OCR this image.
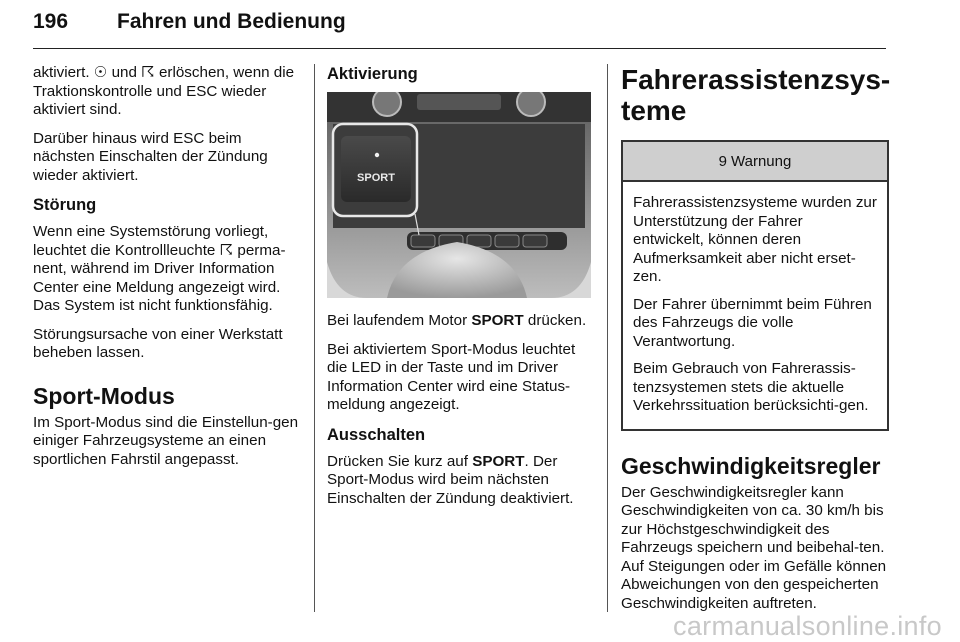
196 Fahren und Bedienung

aktiviert. ☉ und ☈ erlöschen, wenn die Traktionskontrolle und ESC wieder aktiviert sind.

Darüber hinaus wird ESC beim nächsten Einschalten der Zündung wieder aktiviert.

Störung

Wenn eine Systemstörung vorliegt, leuchtet die Kontrollleuchte ☈ perma-nent, während im Driver Information Center eine Meldung angezeigt wird. Das System ist nicht funktionsfähig.

Störungsursache von einer Werkstatt beheben lassen.

Sport-Modus

Im Sport-Modus sind die Einstellun-gen einiger Fahrzeugsysteme an einen sportlichen Fahrstil angepasst.

Aktivierung
SPORT

Bei laufendem Motor SPORT drücken.

Bei aktiviertem Sport-Modus leuchtet die LED in der Taste und im Driver Information Center wird eine Status-meldung angezeigt.

Ausschalten

Drücken Sie kurz auf SPORT. Der Sport-Modus wird beim nächsten Einschalten der Zündung deaktiviert.

Fahrerassistenzsys-teme
9 Warnung

Fahrerassistenzsysteme wurden zur Unterstützung der Fahrer entwickelt, können deren Aufmerksamkeit aber nicht erset-zen.

Der Fahrer übernimmt beim Führen des Fahrzeugs die volle Verantwortung.

Beim Gebrauch von Fahrerassis-tenzsystemen stets die aktuelle Verkehrssituation berücksichti-gen.

Geschwindigkeitsregler

Der Geschwindigkeitsregler kann Geschwindigkeiten von ca. 30 km/h bis zur Höchstgeschwindigkeit des Fahrzeugs speichern und beibehal-ten. Auf Steigungen oder im Gefälle können Abweichungen von den gespeicherten Geschwindigkeiten auftreten.

carmanualsonline.info
